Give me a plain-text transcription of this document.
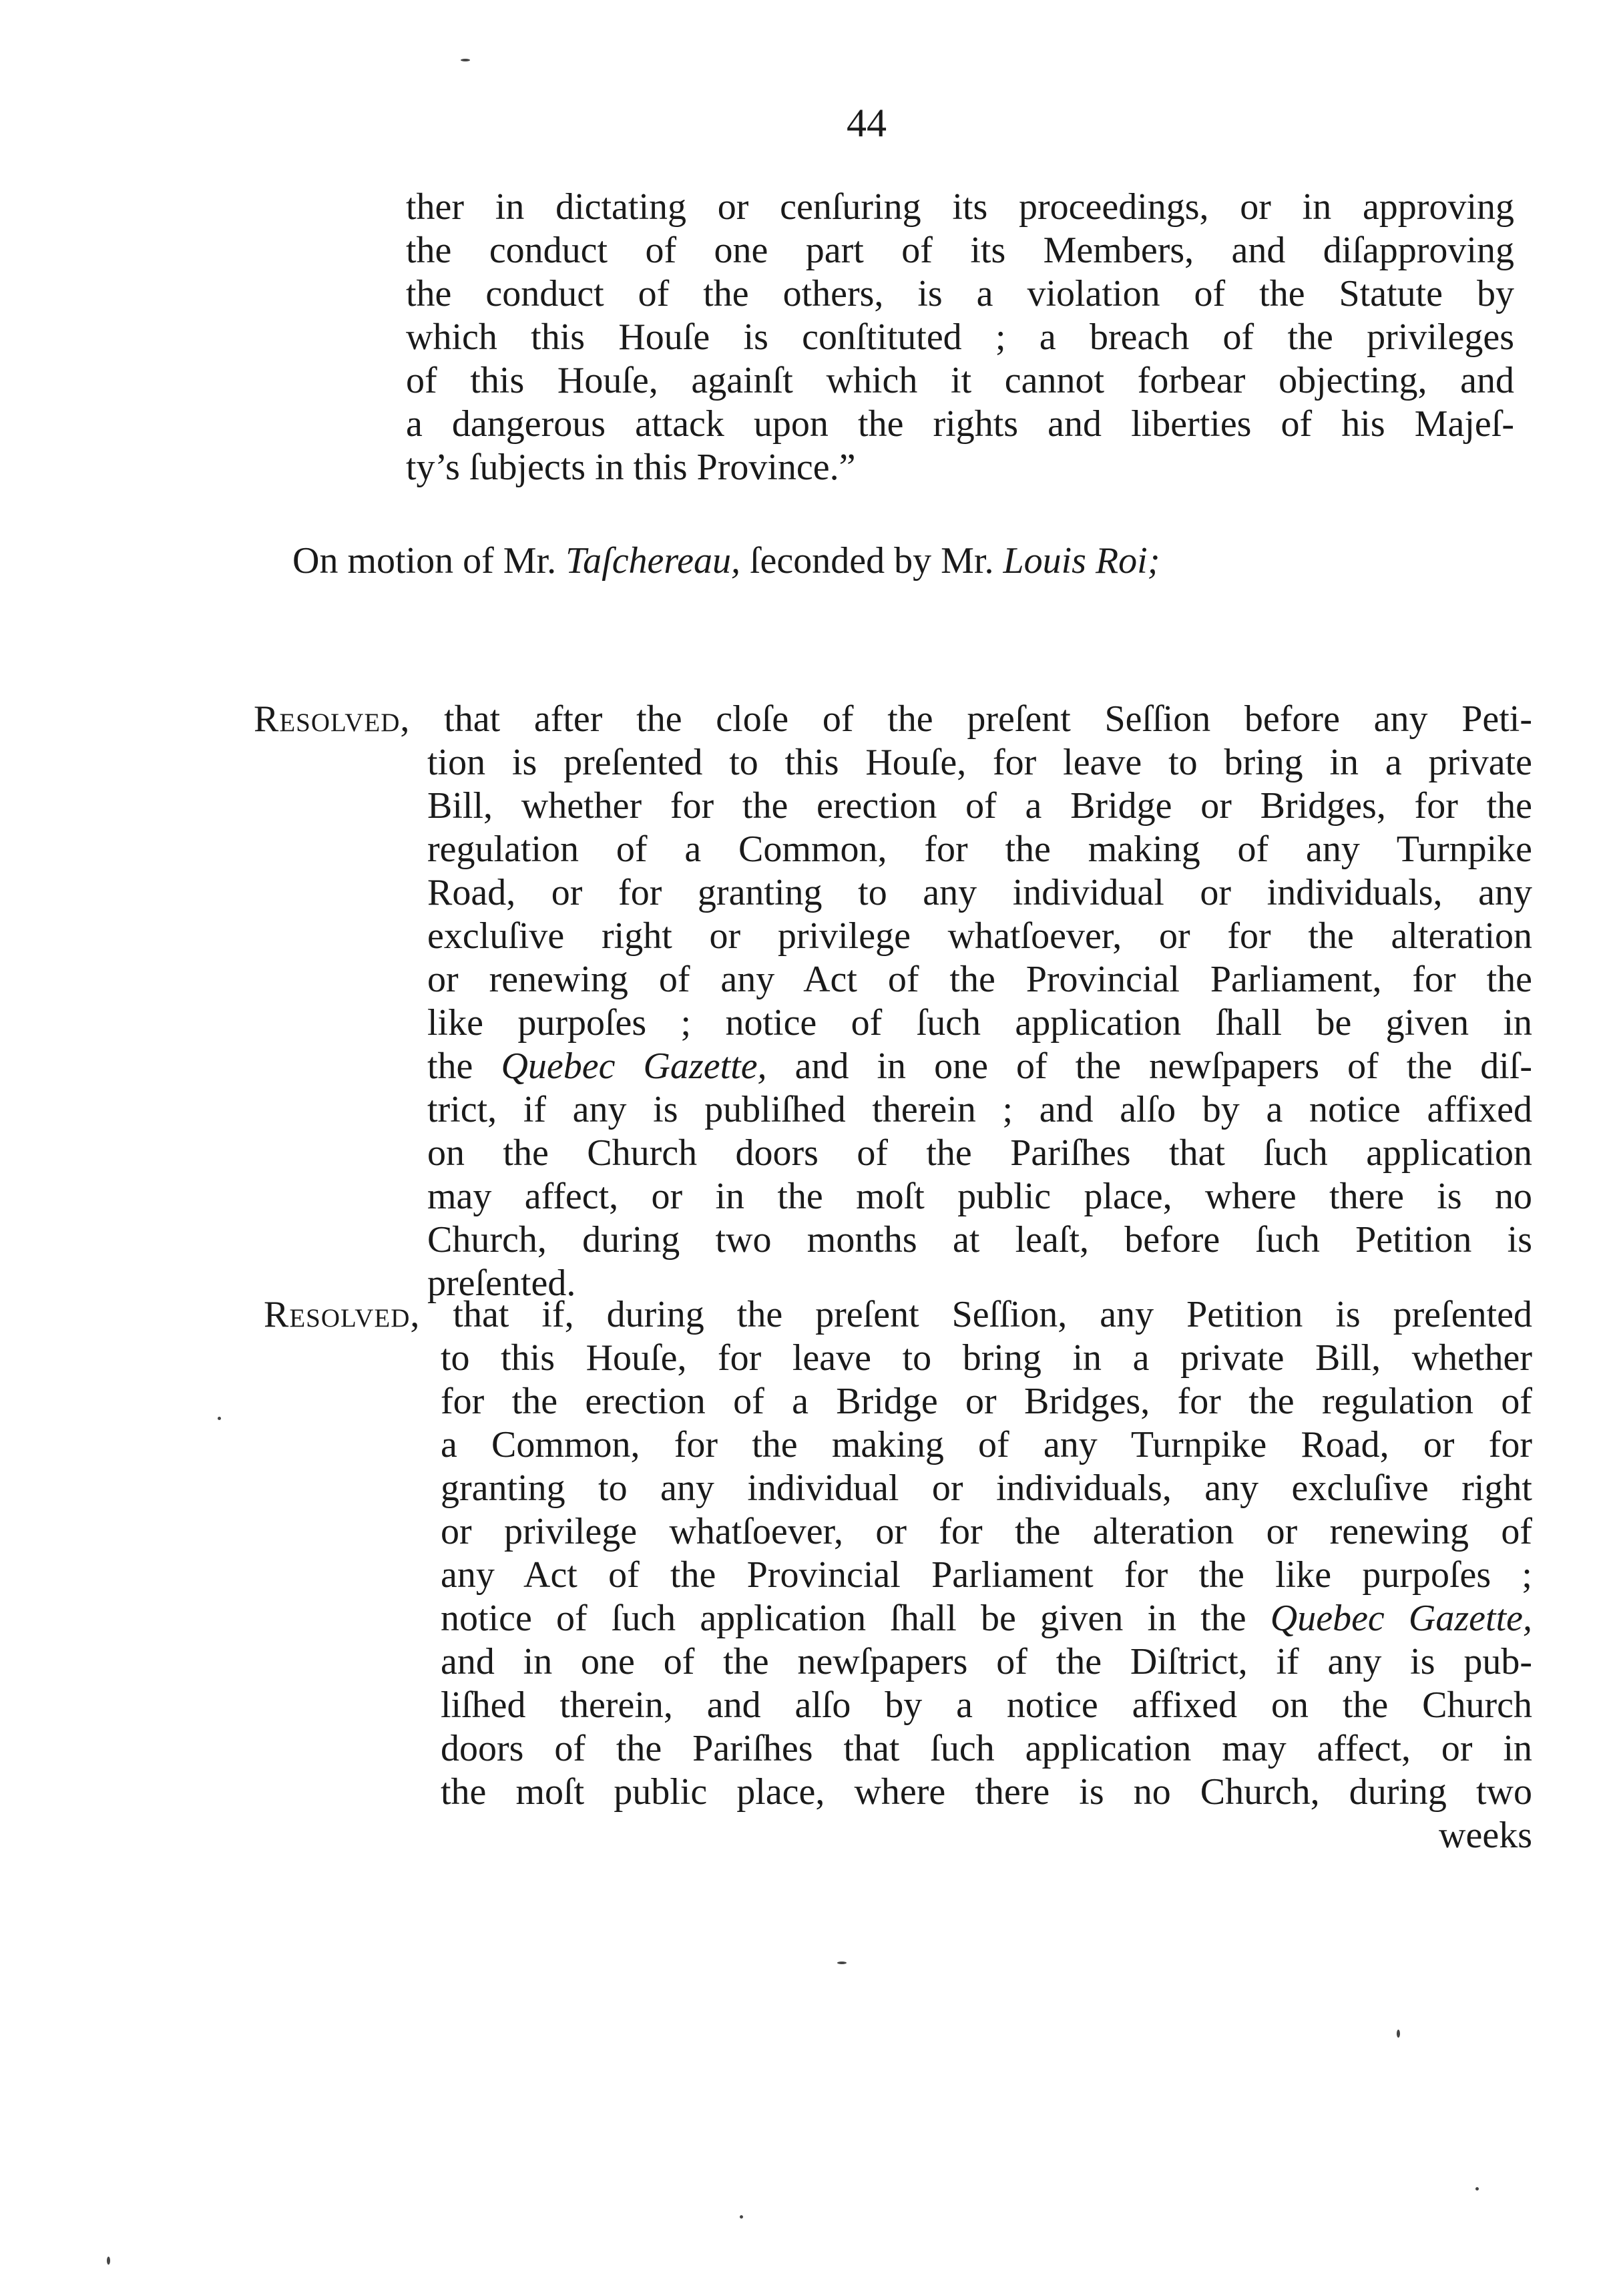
44
ther in dictating or cenſuring its proceedings, or in approving
the conduct of one part of its Members, and diſapproving
the conduct of the others, is a violation of the Statute by
which this Houſe is conſtituted ; a breach of the privileges
of this Houſe, againſt which it cannot forbear objecting, and
a dangerous attack upon the rights and liberties of his Majeſ-
ty’s ſubjects in this Province.”
On motion of Mr. Taſchereau, ſeconded by Mr. Louis Roi;
Resolved, that after the cloſe of the preſent Seſſion before any Peti-
tion is preſented to this Houſe, for leave to bring in a private
Bill, whether for the erection of a Bridge or Bridges, for the
regulation of a Common, for the making of any Turnpike
Road, or for granting to any individual or individuals, any
excluſive right or privilege whatſoever, or for the alteration
or renewing of any Act of the Provincial Parliament, for the
like purpoſes ; notice of ſuch application ſhall be given in
the Quebec Gazette, and in one of the newſpapers of the diſ-
trict, if any is publiſhed therein ; and alſo by a notice affixed
on the Church doors of the Pariſhes that ſuch application
may affect, or in the moſt public place, where there is no
Church, during two months at leaſt, before ſuch Petition is
preſented.
Resolved, that if, during the preſent Seſſion, any Petition is preſented
to this Houſe, for leave to bring in a private Bill, whether
for the erection of a Bridge or Bridges, for the regulation of
a Common, for the making of any Turnpike Road, or for
granting to any individual or individuals, any excluſive right
or privilege whatſoever, or for the alteration or renewing of
any Act of the Provincial Parliament for the like purpoſes ;
notice of ſuch application ſhall be given in the Quebec Gazette,
and in one of the newſpapers of the Diſtrict, if any is pub-
liſhed therein, and alſo by a notice affixed on the Church
doors of the Pariſhes that ſuch application may affect, or in
the moſt public place, where there is no Church, during two
weeks
